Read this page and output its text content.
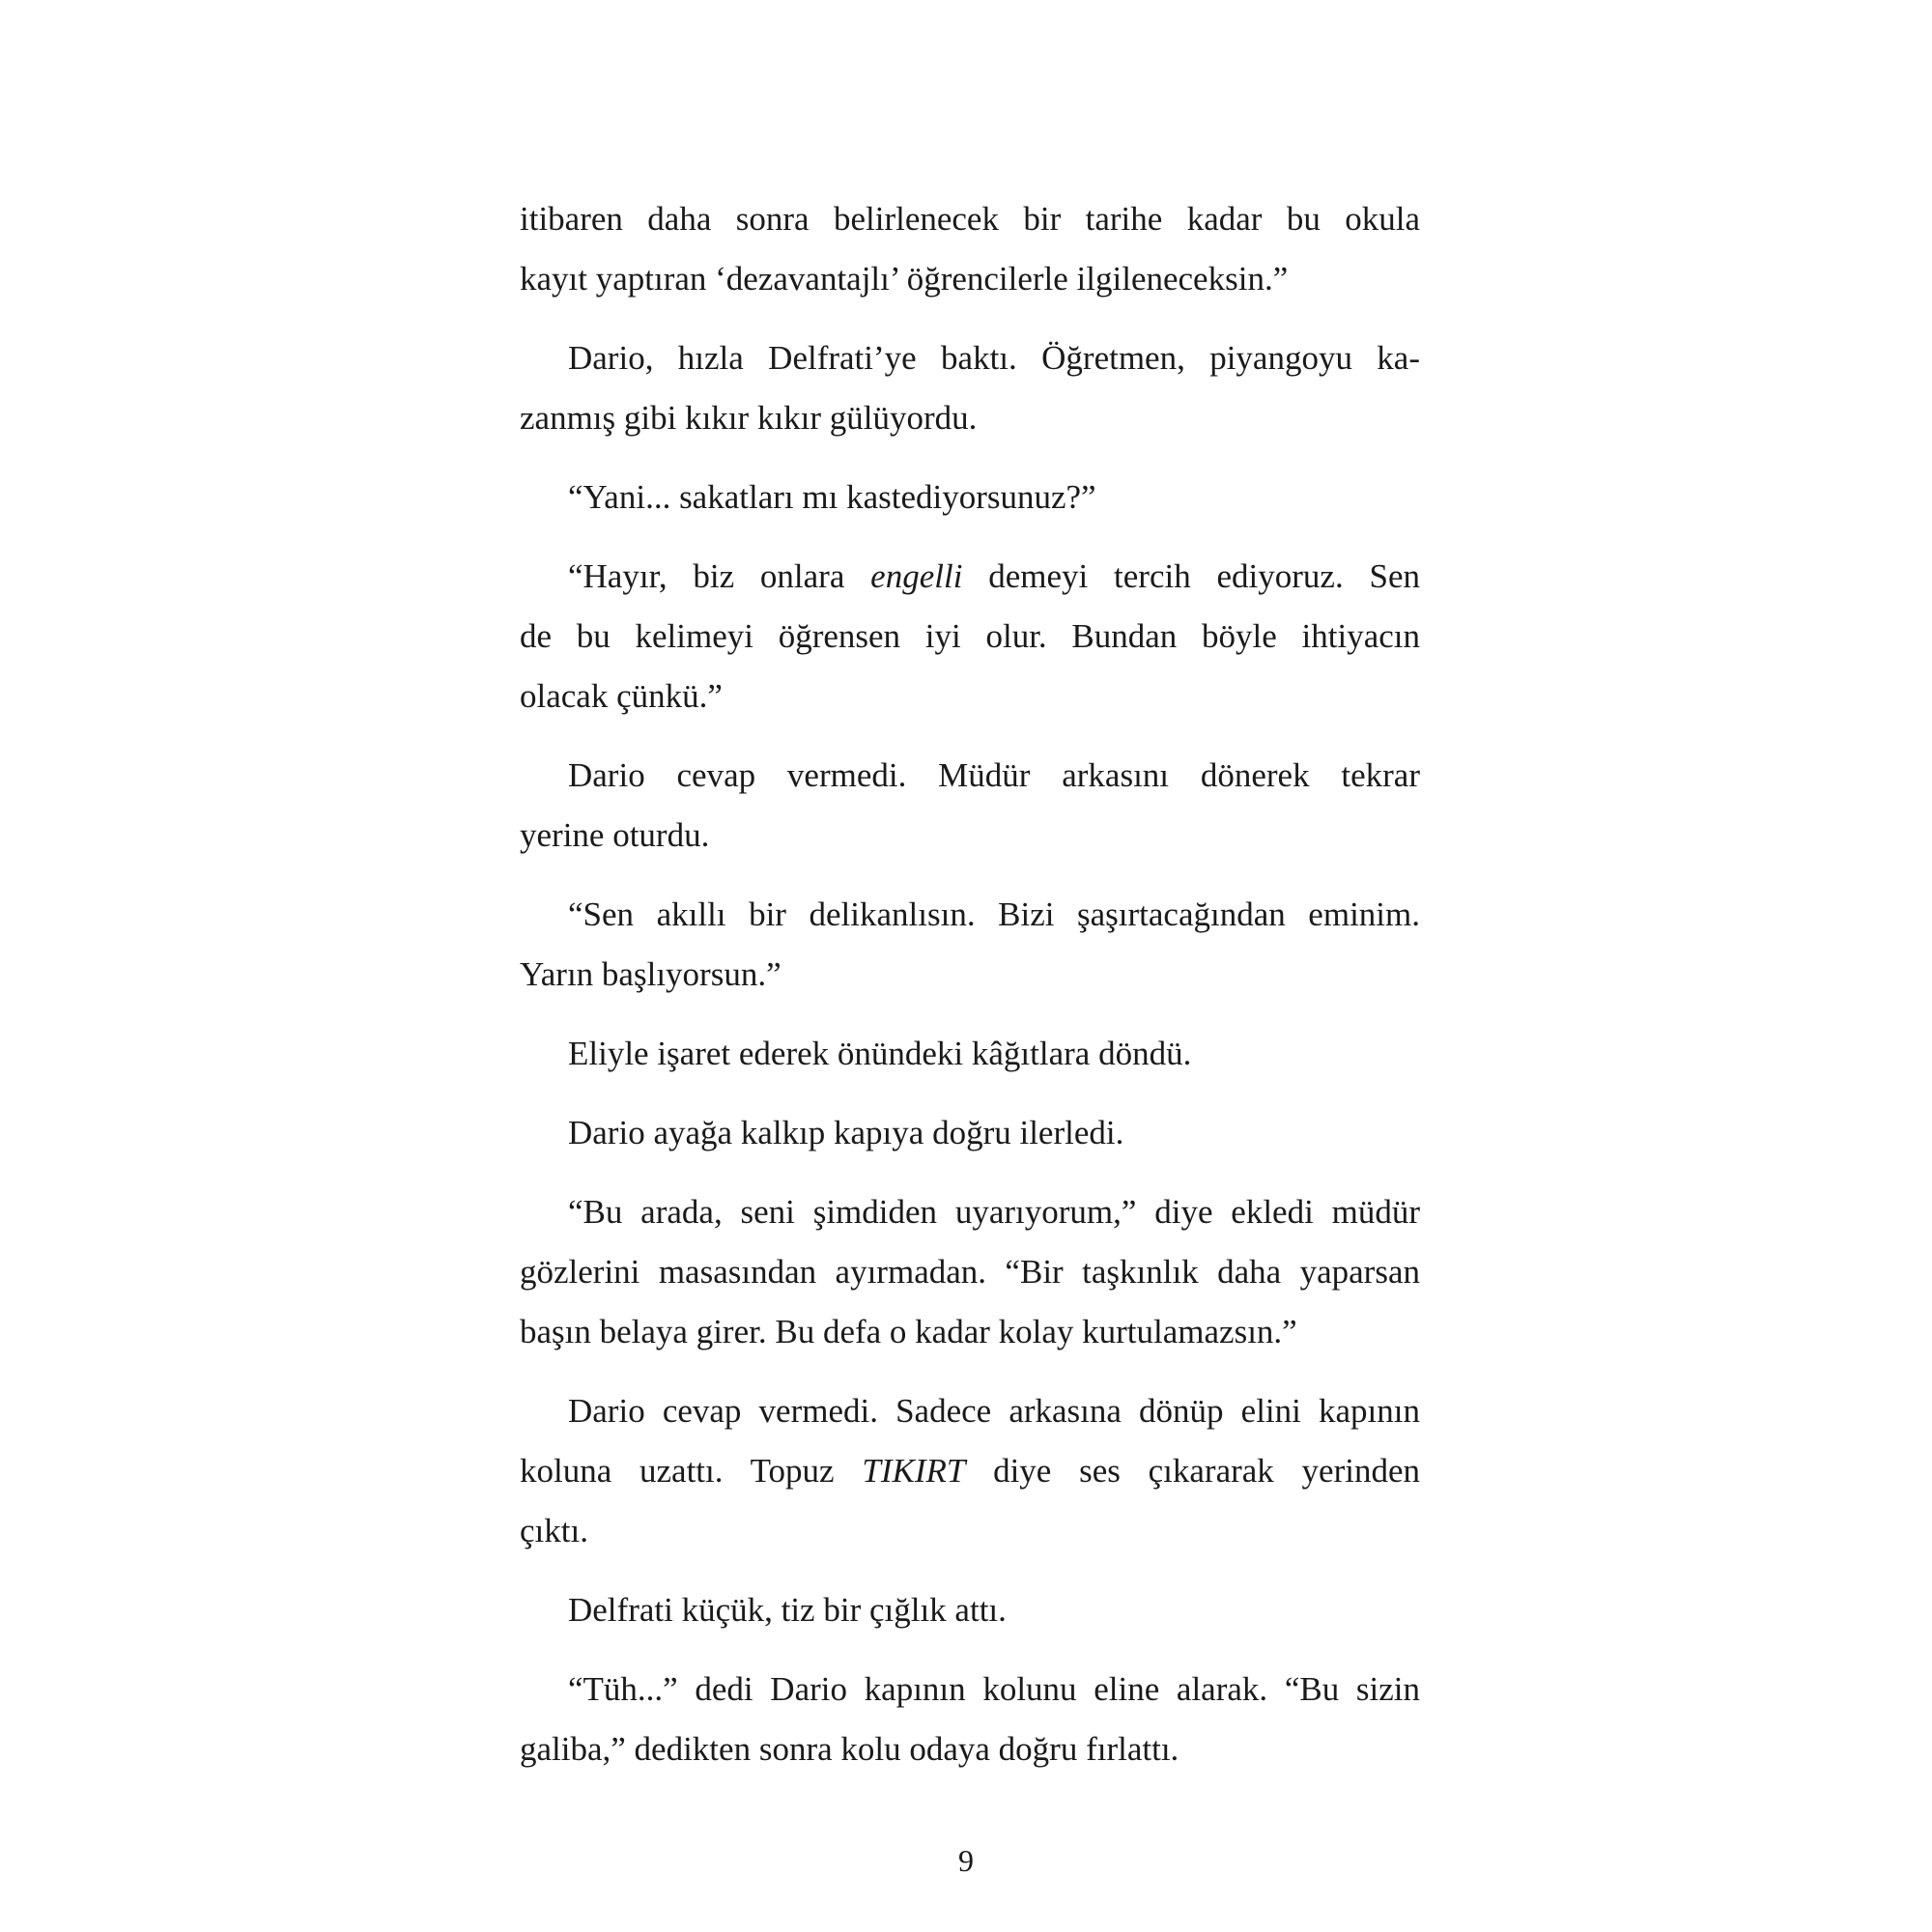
itibaren daha sonra belirlenecek bir tarihe kadar bu okula
kayıt yaptıran ‘dezavantajlı’ öğrencilerle ilgileneceksin.”
Dario, hızla Delfrati’ye baktı. Öğretmen, piyangoyu ka-
zanmış gibi kıkır kıkır gülüyordu.
“Yani... sakatları mı kastediyorsunuz?”
“Hayır, biz onlara engelli demeyi tercih ediyoruz. Sen
de bu kelimeyi öğrensen iyi olur. Bundan böyle ihtiyacın
olacak çünkü.”
Dario cevap vermedi. Müdür arkasını dönerek tekrar
yerine oturdu.
“Sen akıllı bir delikanlısın. Bizi şaşırtacağından eminim.
Yarın başlıyorsun.”
Eliyle işaret ederek önündeki kâğıtlara döndü.
Dario ayağa kalkıp kapıya doğru ilerledi.
“Bu arada, seni şimdiden uyarıyorum,” diye ekledi müdür
gözlerini masasından ayırmadan. “Bir taşkınlık daha yaparsan
başın belaya girer. Bu defa o kadar kolay kurtulamazsın.”
Dario cevap vermedi. Sadece arkasına dönüp elini kapının
koluna uzattı. Topuz TIKIRT diye ses çıkararak yerinden
çıktı.
Delfrati küçük, tiz bir çığlık attı.
“Tüh...” dedi Dario kapının kolunu eline alarak. “Bu sizin
galiba,” dedikten sonra kolu odaya doğru fırlattı.
9
